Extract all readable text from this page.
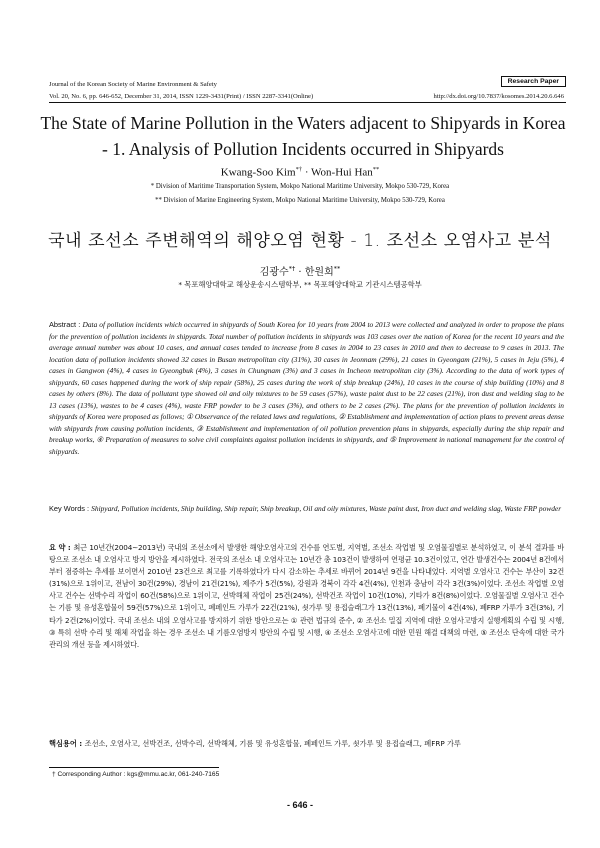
Journal of the Korean Society of Marine Environment & Safety	Research Paper
Vol. 20, No. 6, pp. 646-652, December 31, 2014, ISSN 1229-3431(Print) / ISSN 2287-3341(Online)	http://dx.doi.org/10.7837/kosomes.2014.20.6.646
The State of Marine Pollution in the Waters adjacent to Shipyards in Korea - 1. Analysis of Pollution Incidents occurred in Shipyards
Kwang-Soo Kim*† · Won-Hui Han**
* Division of Maritime Transportation System, Mokpo National Maritime University, Mokpo 530-729, Korea
** Division of Marine Engineering System, Mokpo National Maritime University, Mokpo 530-729, Korea
국내 조선소 주변해역의 해양오염 현황 - 1. 조선소 오염사고 분석
김광수*† · 한원희**
* 목포해양대학교 해상운송시스템학부, ** 목포해양대학교 기관시스템공학부
Abstract : Data of pollution incidents which occurred in shipyards of South Korea for 10 years from 2004 to 2013 were collected and analyzed in order to propose the plans for the prevention of pollution incidents in shipyards. Total number of pollution incidents in shipyards was 103 cases over the nation of Korea for the recent 10 years and the average annual number was about 10 cases, and annual cases tended to increase from 8 cases in 2004 to 23 cases in 2010 and then to decrease to 9 cases in 2013. The location data of pollution incidents showed 32 cases in Busan metropolitan city (31%), 30 cases in Jeonnam (29%), 21 cases in Gyeongam (21%), 5 cases in Jeju (5%), 4 cases in Gangwon (4%), 4 cases in Gyeongbuk (4%), 3 cases in Chungnam (3%) and 3 cases in Incheon metropolitan city (3%). According to the data of work types of shipyards, 60 cases happened during the work of ship repair (58%), 25 cases during the work of ship breakup (24%), 10 cases in the course of ship building (10%) and 8 cases by others (8%). The data of pollutant type showed oil and oily mixtures to be 59 cases (57%), waste paint dust to be 22 cases (21%), iron dust and welding slag to be 13 cases (13%), wastes to be 4 cases (4%), waste FRP powder to be 3 cases (3%), and others to be 2 cases (2%). The plans for the prevention of pollution incidents in shipyards of Korea were proposed as follows; ① Observance of the related laws and regulations, ② Establishment and implementation of action plans to prevent areas dense with shipyards from causing pollution incidents, ③ Establishment and implementation of oil pollution prevention plans in shipyards, especially during the ship repair and breakup works, ④ Preparation of measures to solve civil complaints against pollution incidents in shipyards, and ⑤ Improvement in national management for the control of shipyards.
Key Words : Shipyard, Pollution incidents, Ship building, Ship repair, Ship breakup, Oil and oily mixtures, Waste paint dust, Iron duct and welding slag, Waste FRP powder
요 약 : 최근 10년간(2004∼2013년) 국내의 조선소에서 발생한 해양오염사고의 건수를 연도별, 지역별, 조선소 작업별 및 오염물질별로 분석하였고, 이 분석 결과를 바탕으로 조선소 내 오염사고 방지 방안을 제시하였다. 전국의 조선소 내 오염사고는 10년간 총 103건이 발생하여 연평균 10.3건이었고, 연간 발생건수는 2004년 8건에서부터 점증하는 추세를 보이면서 2010년 23건으로 최고를 기록하였다가 다시 감소하는 추세로 바뀌어 2014년 9건을 나타내었다. 지역별 오염사고 건수는 부산이 32건(31%)으로 1위이고, 전남이 30건(29%), 경남이 21건(21%), 제주가 5건(5%), 강원과 경북이 각각 4건(4%), 인천과 충남이 각각 3건(3%)이었다. 조선소 작업별 오염사고 건수는 선박수리 작업이 60건(58%)으로 1위이고, 선박해체 작업이 25건(24%), 선박건조 작업이 10건(10%), 기타가 8건(8%)이었다. 오염물질별 오염사고 건수는 기름 및 유성혼합물이 59건(57%)으로 1위이고, 폐페인트 가루가 22건(21%), 쇳가루 및 용접슬래그가 13건(13%), 폐기물이 4건(4%), 폐FRP 가루가 3건(3%), 기타가 2건(2%)이었다. 국내 조선소 내의 오염사고를 방지하기 위한 방안으로는 ① 관련 법규의 준수, ② 조선소 밀집 지역에 대한 오염사고방지 실행계획의 수립 및 시행, ③ 특히 선박 수리 및 해체 작업을 하는 경우 조선소 내 기름오염방지 방안의 수립 및 시행, ④ 조선소 오염사고에 대한 민원 해결 대책의 마련, ⑤ 조선소 단속에 대한 국가 관리의 개선 등을 제시하였다.
핵심용어 : 조선소, 오염사고, 선박건조, 선박수리, 선박해체, 기름 및 유성혼합물, 폐페인트 가루, 쇳가루 및 용접슬래그, 폐FRP 가루
† Corresponding Author : kgs@mmu.ac.kr, 061-240-7165
- 646 -
